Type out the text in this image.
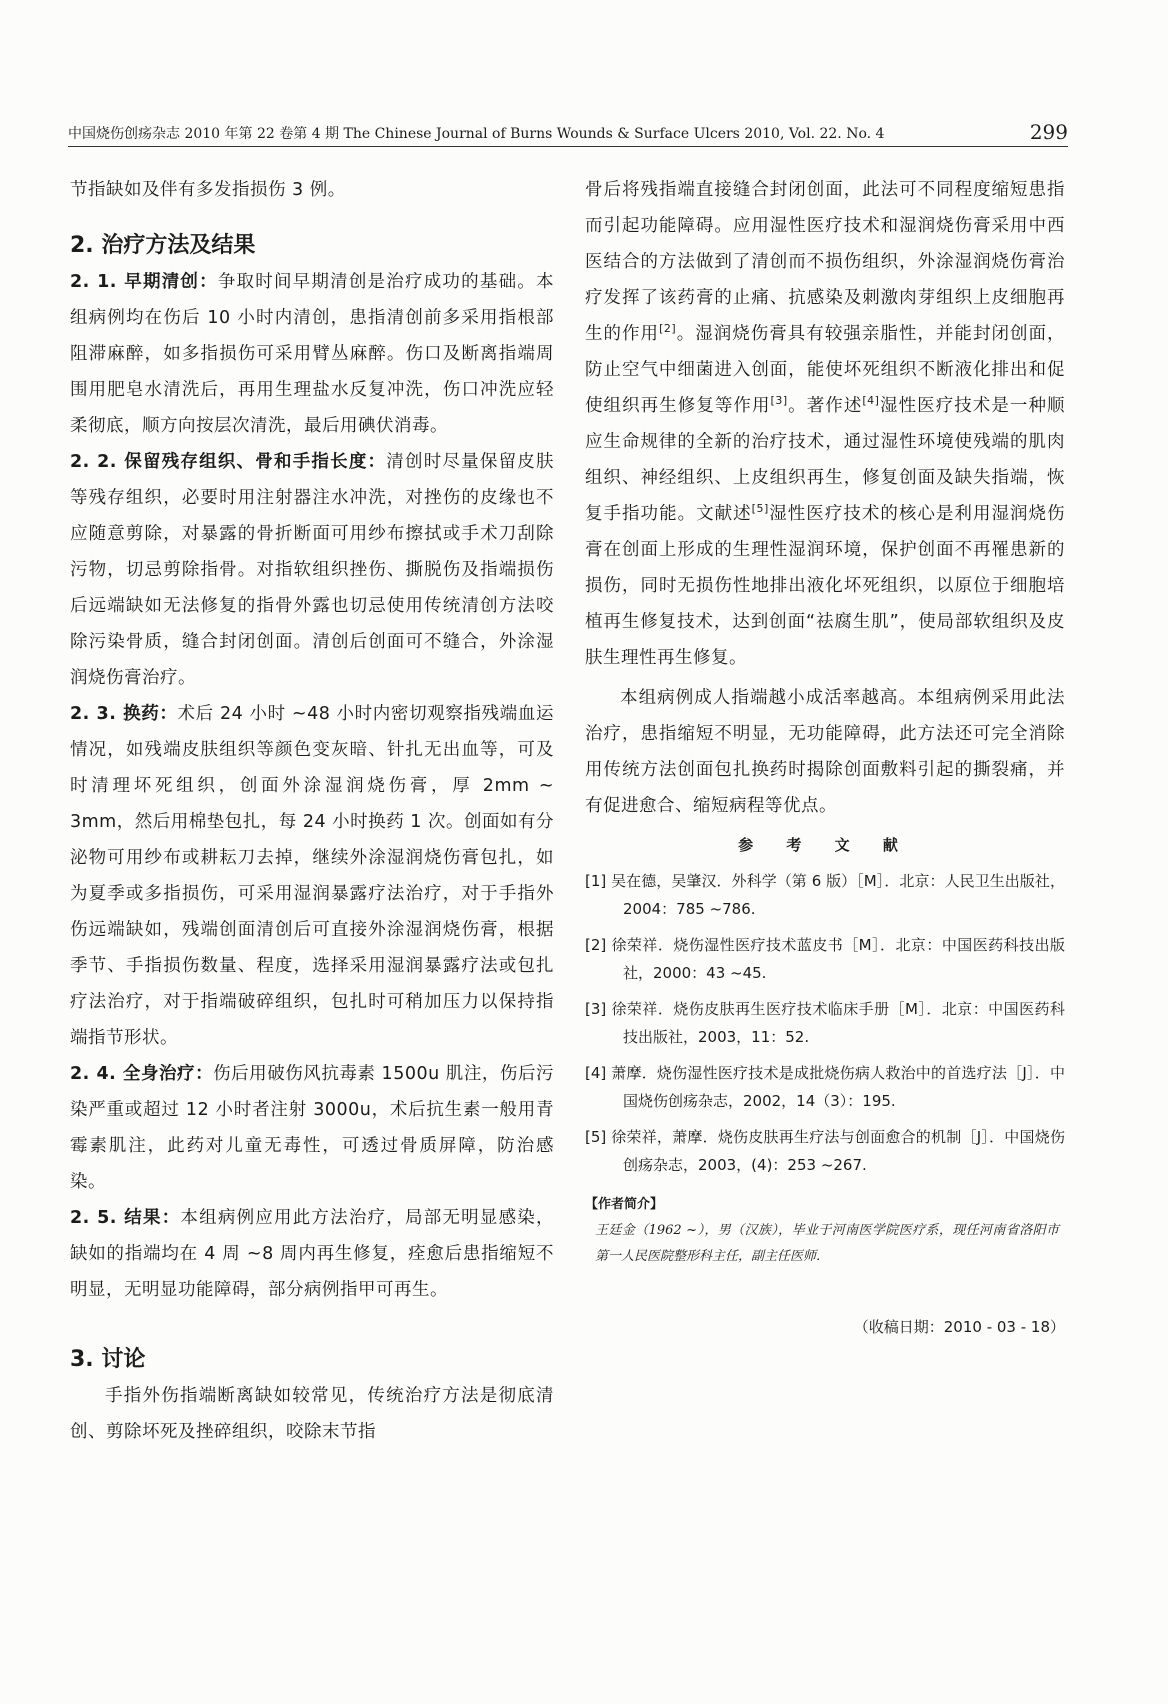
中国烧伤创疡杂志 2010 年第 22 卷第 4 期 The Chinese Journal of Burns Wounds & Surface Ulcers 2010, Vol. 22. No. 4	299

节指缺如及伴有多发指损伤 3 例。

2. 治疗方法及结果

2. 1. 早期清创：争取时间早期清创是治疗成功的基础。本组病例均在伤后 10 小时内清创，患指清创前多采用指根部阻滞麻醉，如多指损伤可采用臂丛麻醉。伤口及断离指端周围用肥皂水清洗后，再用生理盐水反复冲洗，伤口冲洗应轻柔彻底，顺方向按层次清洗，最后用碘伏消毒。

2. 2. 保留残存组织、骨和手指长度：清创时尽量保留皮肤等残存组织，必要时用注射器注水冲洗，对挫伤的皮缘也不应随意剪除，对暴露的骨折断面可用纱布擦拭或手术刀刮除污物，切忌剪除指骨。对指软组织挫伤、撕脱伤及指端损伤后远端缺如无法修复的指骨外露也切忌使用传统清创方法咬除污染骨质，缝合封闭创面。清创后创面可不缝合，外涂湿润烧伤膏治疗。

2. 3. 换药：术后 24 小时 ~48 小时内密切观察指残端血运情况，如残端皮肤组织等颜色变灰暗、针扎无出血等，可及时清理坏死组织，创面外涂湿润烧伤膏，厚 2mm ~ 3mm，然后用棉垫包扎，每 24 小时换药 1 次。创面如有分泌物可用纱布或耕耘刀去掉，继续外涂湿润烧伤膏包扎，如为夏季或多指损伤，可采用湿润暴露疗法治疗，对于手指外伤远端缺如，残端创面清创后可直接外涂湿润烧伤膏，根据季节、手指损伤数量、程度，选择采用湿润暴露疗法或包扎疗法治疗，对于指端破碎组织，包扎时可稍加压力以保持指端指节形状。

2. 4. 全身治疗：伤后用破伤风抗毒素 1500u 肌注，伤后污染严重或超过 12 小时者注射 3000u，术后抗生素一般用青霉素肌注，此药对儿童无毒性，可透过骨质屏障，防治感染。

2. 5. 结果：本组病例应用此方法治疗，局部无明显感染，缺如的指端均在 4 周 ~8 周内再生修复，痊愈后患指缩短不明显，无明显功能障碍，部分病例指甲可再生。

3. 讨论

手指外伤指端断离缺如较常见，传统治疗方法是彻底清创、剪除坏死及挫碎组织，咬除末节指

骨后将残指端直接缝合封闭创面，此法可不同程度缩短患指而引起功能障碍。应用湿性医疗技术和湿润烧伤膏采用中西医结合的方法做到了清创而不损伤组织，外涂湿润烧伤膏治疗发挥了该药膏的止痛、抗感染及刺激肉芽组织上皮细胞再生的作用[2]。湿润烧伤膏具有较强亲脂性，并能封闭创面，防止空气中细菌进入创面，能使坏死组织不断液化排出和促使组织再生修复等作用[3]。著作述[4]湿性医疗技术是一种顺应生命规律的全新的治疗技术，通过湿性环境使残端的肌肉组织、神经组织、上皮组织再生，修复创面及缺失指端，恢复手指功能。文献述[5]湿性医疗技术的核心是利用湿润烧伤膏在创面上形成的生理性湿润环境，保护创面不再罹患新的损伤，同时无损伤性地排出液化坏死组织，以原位于细胞培植再生修复技术，达到创面“祛腐生肌”，使局部软组织及皮肤生理性再生修复。

本组病例成人指端越小成活率越高。本组病例采用此法治疗，患指缩短不明显，无功能障碍，此方法还可完全消除用传统方法创面包扎换药时揭除创面敷料引起的撕裂痛，并有促进愈合、缩短病程等优点。

参 考 文 献

[1] 吴在德，吴肇汉．外科学（第 6 版）［M］．北京：人民卫生出版社，2004：785 ~786.

[2] 徐荣祥．烧伤湿性医疗技术蓝皮书［M］．北京：中国医药科技出版社，2000：43 ~45.

[3] 徐荣祥．烧伤皮肤再生医疗技术临床手册［M］．北京：中国医药科技出版社，2003，11：52.

[4] 萧摩．烧伤湿性医疗技术是成批烧伤病人救治中的首选疗法［J］．中国烧伤创疡杂志，2002，14（3）：195.

[5] 徐荣祥，萧摩．烧伤皮肤再生疗法与创面愈合的机制［J］．中国烧伤创疡杂志，2003，(4)：253 ~267.

【作者简介】

王廷金（1962 ~），男（汉族），毕业于河南医学院医疗系，现任河南省洛阳市第一人民医院整形科主任，副主任医师．

（收稿日期：2010 - 03 - 18）
